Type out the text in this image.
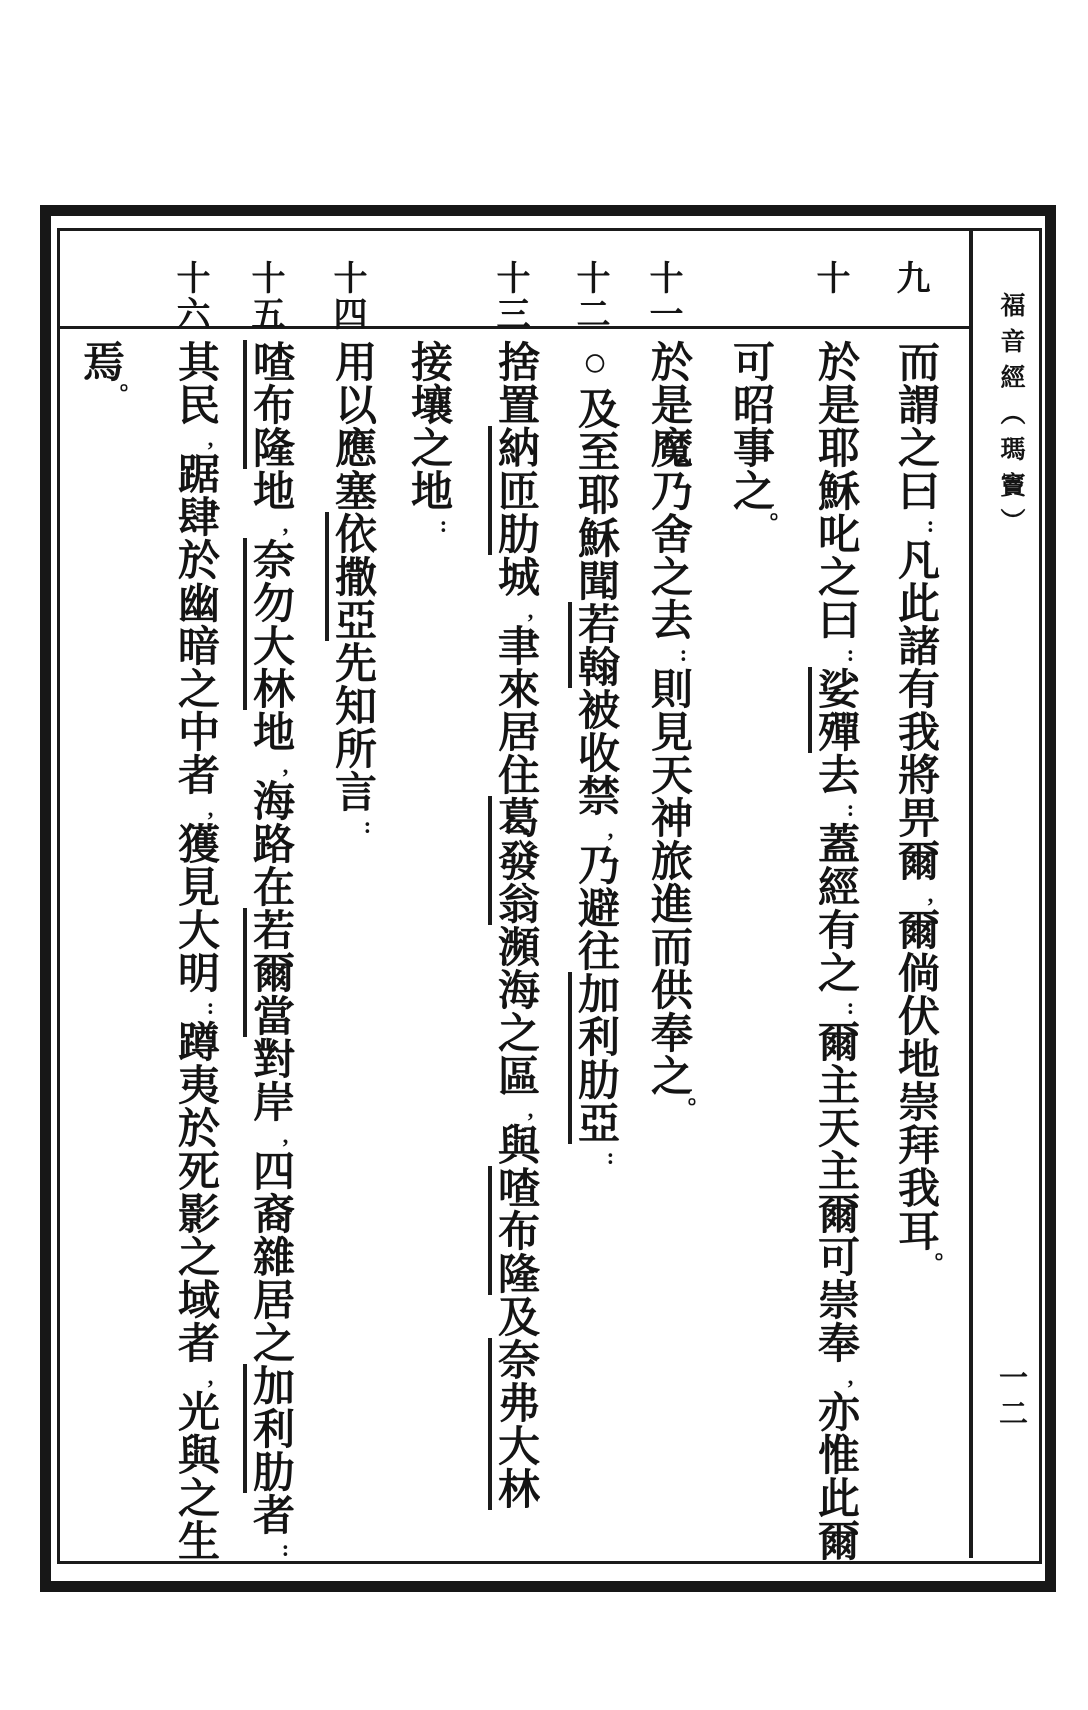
福音經︵瑪竇︶
一二
九
十
十一
十二
十三
十四
十五
十六
而謂之曰:凡此諸有我將畀爾,爾倘伏地崇拜我耳。
於是耶穌叱之曰:娑殫去:蓋經有之:爾主天主爾可崇奉,亦惟此爾
可昭事之。
於是魔乃舍之去:則見天神旅進而供奉之。
○及至耶穌聞若翰被收禁,乃避往加利肋亞:
捨置納匝肋城,聿來居住葛發翁瀕海之區,與喳布隆及奈弗大林
接壤之地:
用以應塞依撒亞先知所言:
喳布隆地,奈勿大林地,海路在若爾當對岸,四裔雜居之加利肋者:
其民,踞肆於幽暗之中者,獲見大明:蹲夷於死影之域者,光與之生
焉。
